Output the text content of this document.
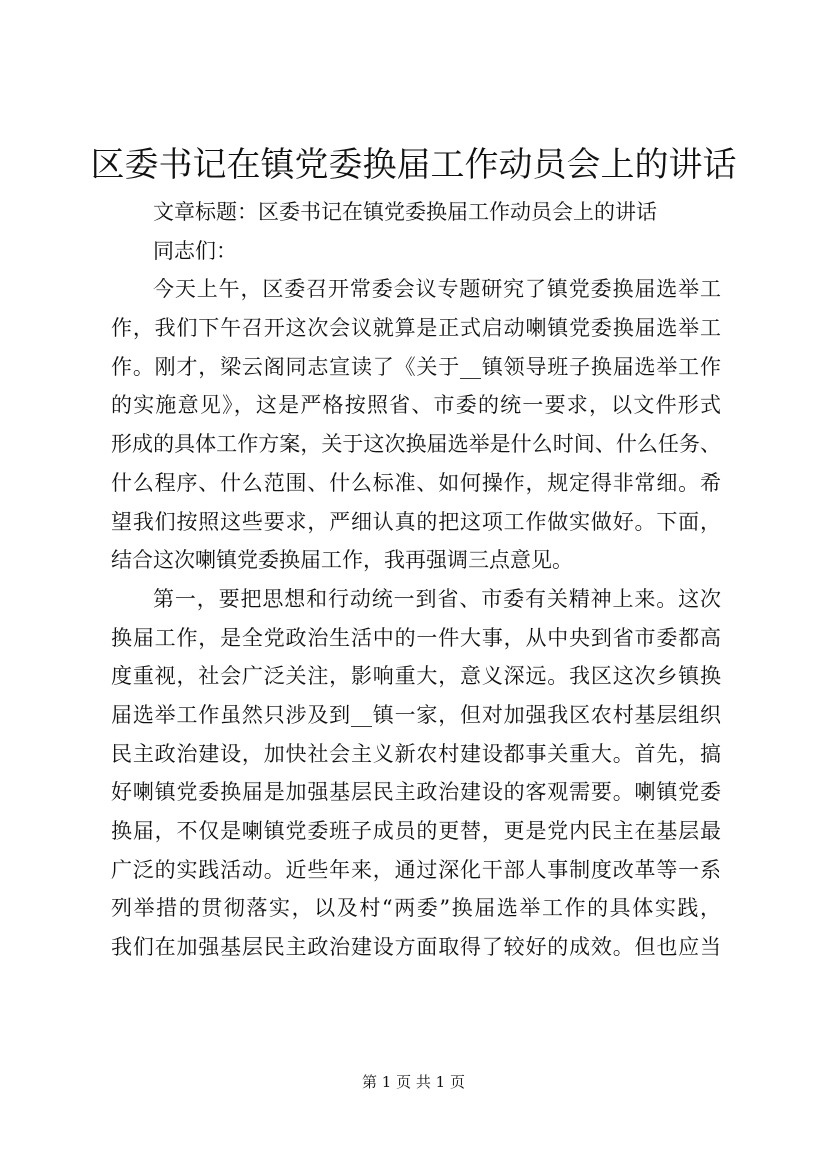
区委书记在镇党委换届工作动员会上的讲话
文章标题：区委书记在镇党委换届工作动员会上的讲话
同志们：
今天上午，区委召开常委会议专题研究了镇党委换届选举工
作，我们下午召开这次会议就算是正式启动喇镇党委换届选举工
作。刚才，梁云阁同志宣读了《关于__镇领导班子换届选举工作
的实施意见》，这是严格按照省、市委的统一要求，以文件形式
形成的具体工作方案，关于这次换届选举是什么时间、什么任务、
什么程序、什么范围、什么标准、如何操作，规定得非常细。希
望我们按照这些要求，严细认真的把这项工作做实做好。下面，
结合这次喇镇党委换届工作，我再强调三点意见。
第一，要把思想和行动统一到省、市委有关精神上来。这次
换届工作，是全党政治生活中的一件大事，从中央到省市委都高
度重视，社会广泛关注，影响重大，意义深远。我区这次乡镇换
届选举工作虽然只涉及到__镇一家，但对加强我区农村基层组织
民主政治建设，加快社会主义新农村建设都事关重大。首先，搞
好喇镇党委换届是加强基层民主政治建设的客观需要。喇镇党委
换届，不仅是喇镇党委班子成员的更替，更是党内民主在基层最
广泛的实践活动。近些年来，通过深化干部人事制度改革等一系
列举措的贯彻落实，以及村“两委”换届选举工作的具体实践，
我们在加强基层民主政治建设方面取得了较好的成效。但也应当
第 1 页 共 1 页
